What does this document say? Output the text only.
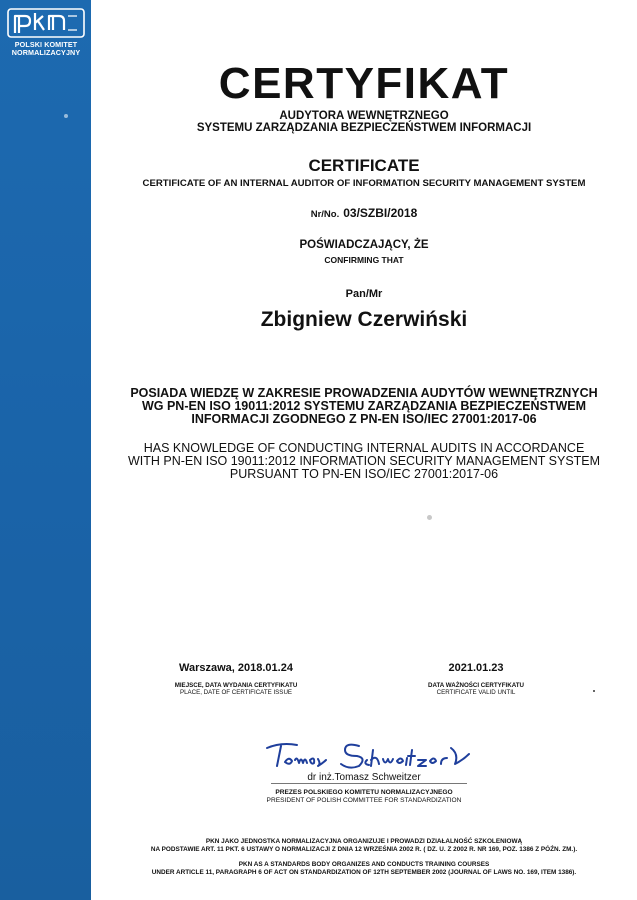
POLSKI KOMITET
NORMALIZACYJNY
CERTYFIKAT
AUDYTORA WEWNĘTRZNEGO
SYSTEMU ZARZĄDZANIA BEZPIECZEŃSTWEM INFORMACJI
CERTIFICATE
CERTIFICATE OF AN INTERNAL AUDITOR OF INFORMATION SECURITY MANAGEMENT SYSTEM
Nr/No. 03/SZBI/2018
POŚWIADCZAJĄCY, ŻE
CONFIRMING THAT
Pan/Mr
Zbigniew Czerwiński
POSIADA WIEDZĘ W ZAKRESIE PROWADZENIA AUDYTÓW WEWNĘTRZNYCH
WG PN-EN ISO 19011:2012 SYSTEMU ZARZĄDZANIA BEZPIECZEŃSTWEM
INFORMACJI ZGODNEGO Z PN-EN ISO/IEC 27001:2017-06
HAS KNOWLEDGE OF CONDUCTING INTERNAL AUDITS IN ACCORDANCE
WITH PN-EN ISO 19011:2012 INFORMATION SECURITY MANAGEMENT SYSTEM
PURSUANT TO PN-EN ISO/IEC 27001:2017-06
Warszawa, 2018.01.24
MIEJSCE, DATA WYDANIA CERTYFIKATU
PLACE, DATE OF CERTIFICATE ISSUE
2021.01.23
DATA WAŻNOŚCI CERTYFIKATU
CERTIFICATE VALID UNTIL
dr inż.Tomasz Schweitzer
PREZES POLSKIEGO KOMITETU NORMALIZACYJNEGO
PRESIDENT OF POLISH COMMITTEE FOR STANDARDIZATION
PKN JAKO JEDNOSTKA NORMALIZACYJNA ORGANIZUJE I PROWADZI DZIAŁALNOŚĆ SZKOLENIOWĄ
NA PODSTAWIE ART. 11 PKT. 6 USTAWY O NORMALIZACJI Z DNIA 12 WRZEŚNIA 2002 R. ( DZ. U. Z 2002 R. NR 169, POZ. 1386 Z PÓŹN. ZM.).
PKN AS A STANDARDS BODY ORGANIZES AND CONDUCTS TRAINING COURSES
UNDER ARTICLE 11, PARAGRAPH 6 OF ACT ON STANDARDIZATION OF 12TH SEPTEMBER 2002 (JOURNAL OF LAWS NO. 169, ITEM 1386).
